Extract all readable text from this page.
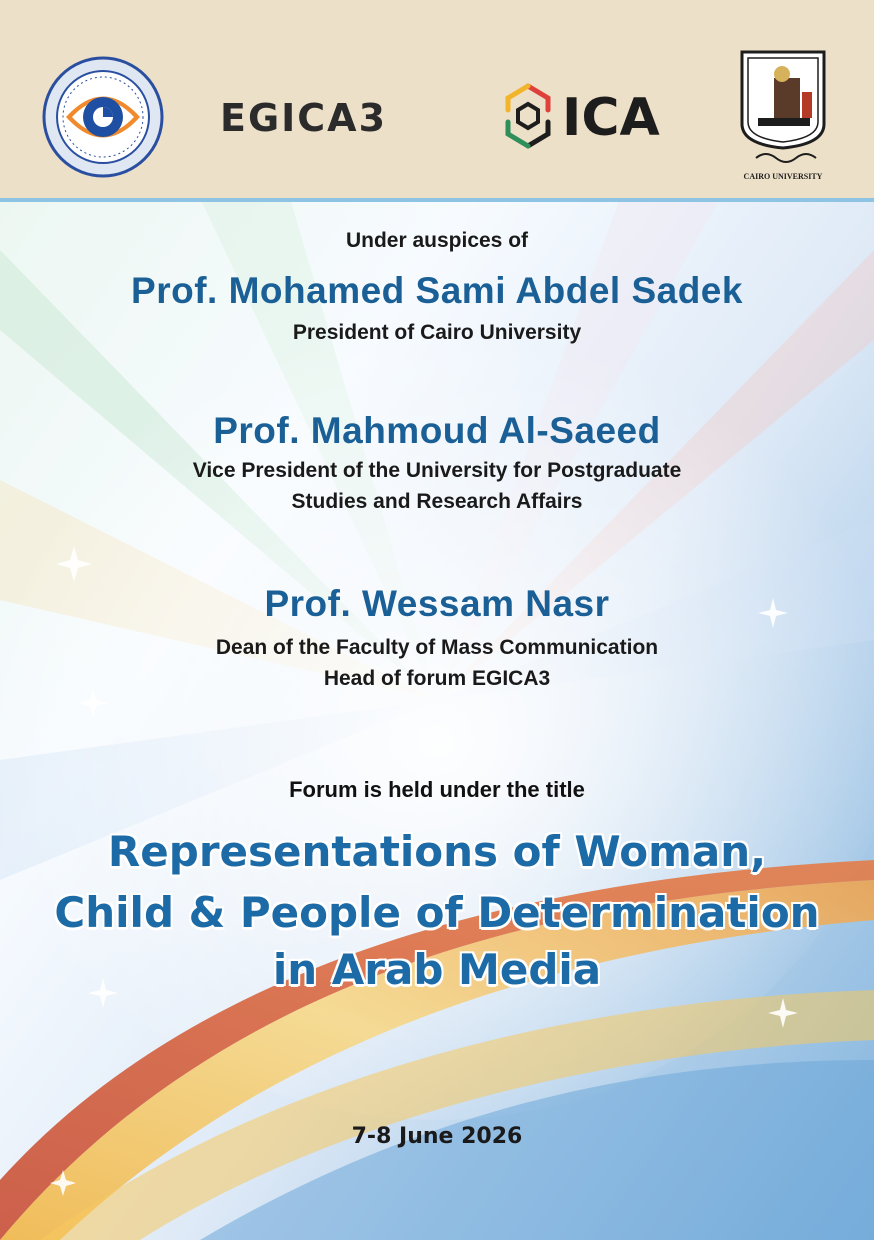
EGICA3	ICA
CAIRO UNIVERSITY

Under auspices of

Prof. Mohamed Sami Abdel Sadek

President of Cairo University

Prof. Mahmoud Al-Saeed

Vice President of the University for Postgraduate

Studies and Research Affairs

Prof. Wessam Nasr

Dean of the Faculty of Mass Communication

Head of forum EGICA3

Forum is held under the title

Representations of Woman,

Child & People of Determination

in Arab Media

7-8 June 2026
